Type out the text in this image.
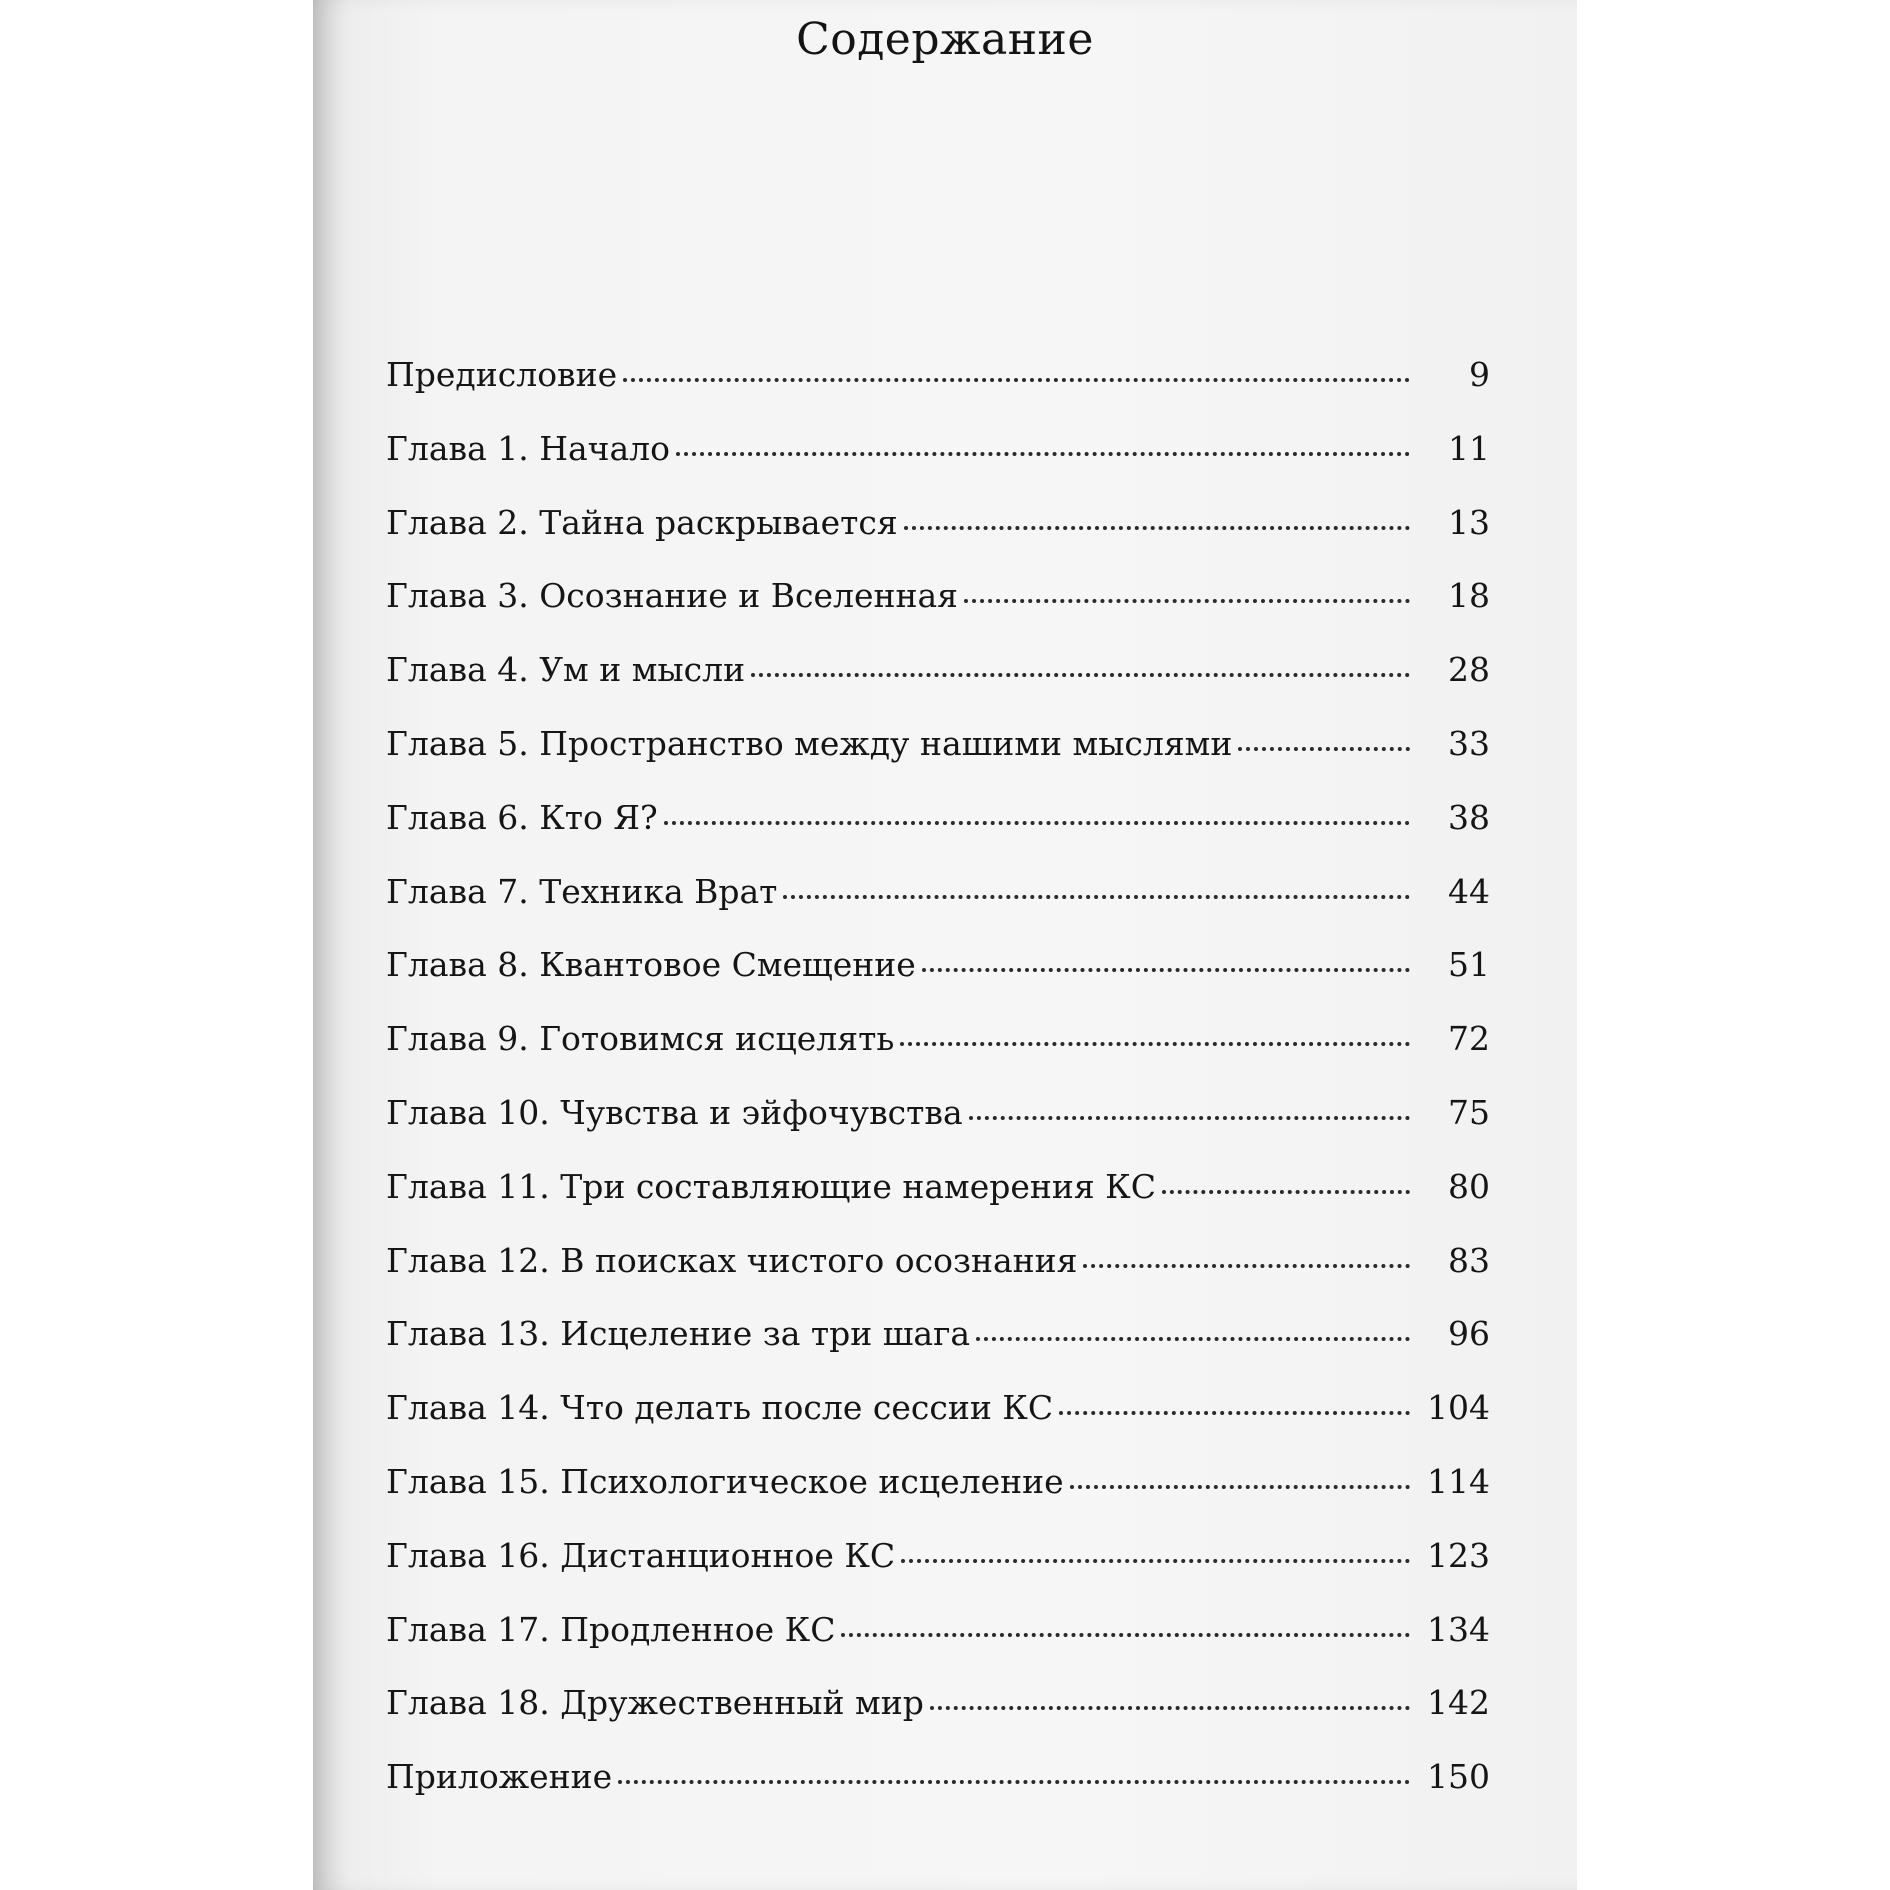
Содержание
Предисловие	9
Глава 1. Начало	11
Глава 2. Тайна раскрывается	13
Глава 3. Осознание и Вселенная	18
Глава 4. Ум и мысли	28
Глава 5. Пространство между нашими мыслями	33
Глава 6. Кто Я?	38
Глава 7. Техника Врат	44
Глава 8. Квантовое Смещение	51
Глава 9. Готовимся исцелять	72
Глава 10. Чувства и эйфочувства	75
Глава 11. Три составляющие намерения КС	80
Глава 12. В поисках чистого осознания	83
Глава 13. Исцеление за три шага	96
Глава 14. Что делать после сессии КС	104
Глава 15. Психологическое исцеление	114
Глава 16. Дистанционное КС	123
Глава 17. Продленное КС	134
Глава 18. Дружественный мир	142
Приложение	150
